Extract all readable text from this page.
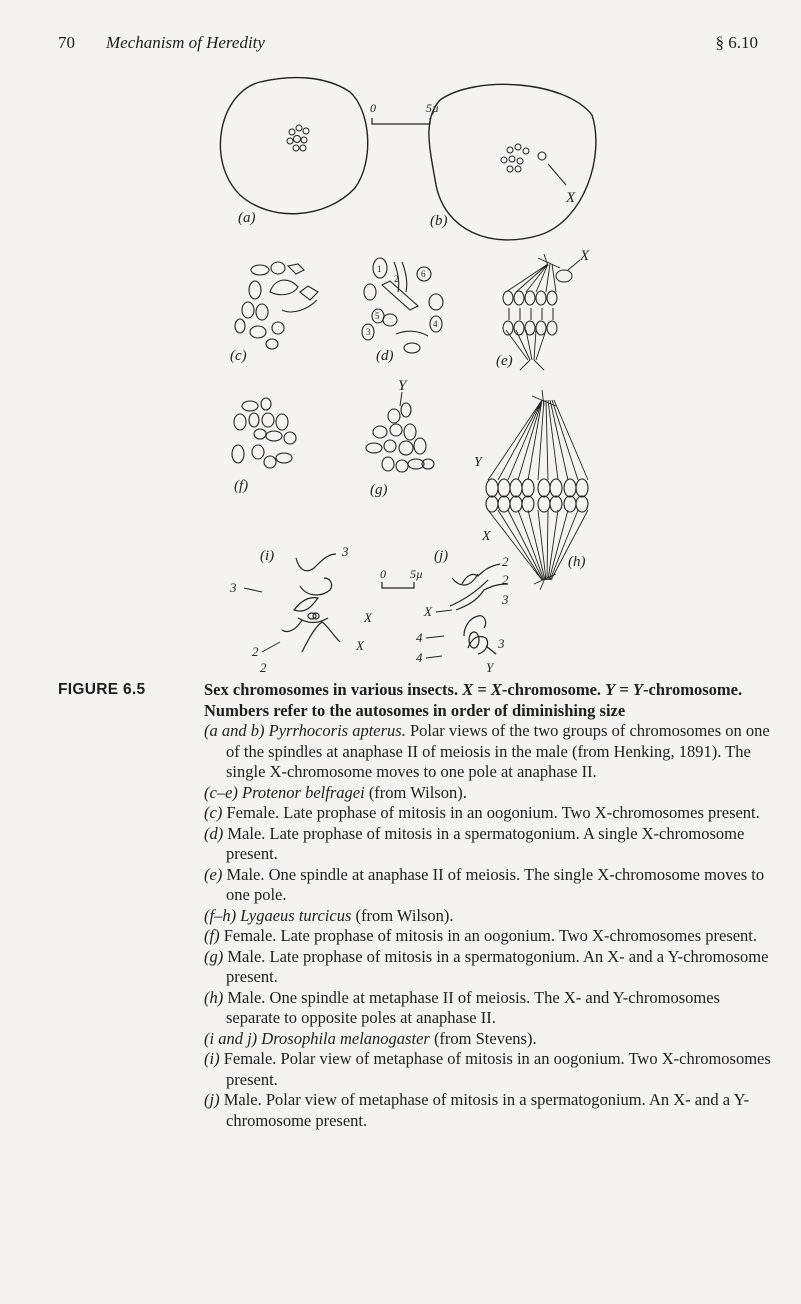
70 Mechanism of Heredity	§ 6.10
(a)
X
(b)
0	5µ
(c)
1
2
3
4
5
6
(d)
X
(e)
(f)
Y
(g)
Y
X
(h)
(i)	3
3
2
2
X
X
0 5µ
(j)	2
2
3
3
Y
X
4
4
FIGURE 6.5	Sex chromosomes in various insects. X = X-chromosome. Y = Y-chromosome. Numbers refer to the autosomes in order of diminishing size
(a and b) Pyrrhocoris apterus. Polar views of the two groups of chromosomes on one of the spindles at anaphase II of meiosis in the male (from Henking, 1891). The single X-chromosome moves to one pole at anaphase II.
(c–e) Protenor belfragei (from Wilson).
(c) Female. Late prophase of mitosis in an oogonium. Two X-chromosomes present.
(d) Male. Late prophase of mitosis in a spermatogonium. A single X-chromosome present.
(e) Male. One spindle at anaphase II of meiosis. The single X-chromosome moves to one pole.
(f–h) Lygaeus turcicus (from Wilson).
(f) Female. Late prophase of mitosis in an oogonium. Two X-chromosomes present.
(g) Male. Late prophase of mitosis in a spermatogonium. An X- and a Y-chromosome present.
(h) Male. One spindle at metaphase II of meiosis. The X- and Y-chromosomes separate to opposite poles at anaphase II.
(i and j) Drosophila melanogaster (from Stevens).
(i) Female. Polar view of metaphase of mitosis in an oogonium. Two X-chromosomes present.
(j) Male. Polar view of metaphase of mitosis in a spermatogonium. An X- and a Y-chromosome present.
